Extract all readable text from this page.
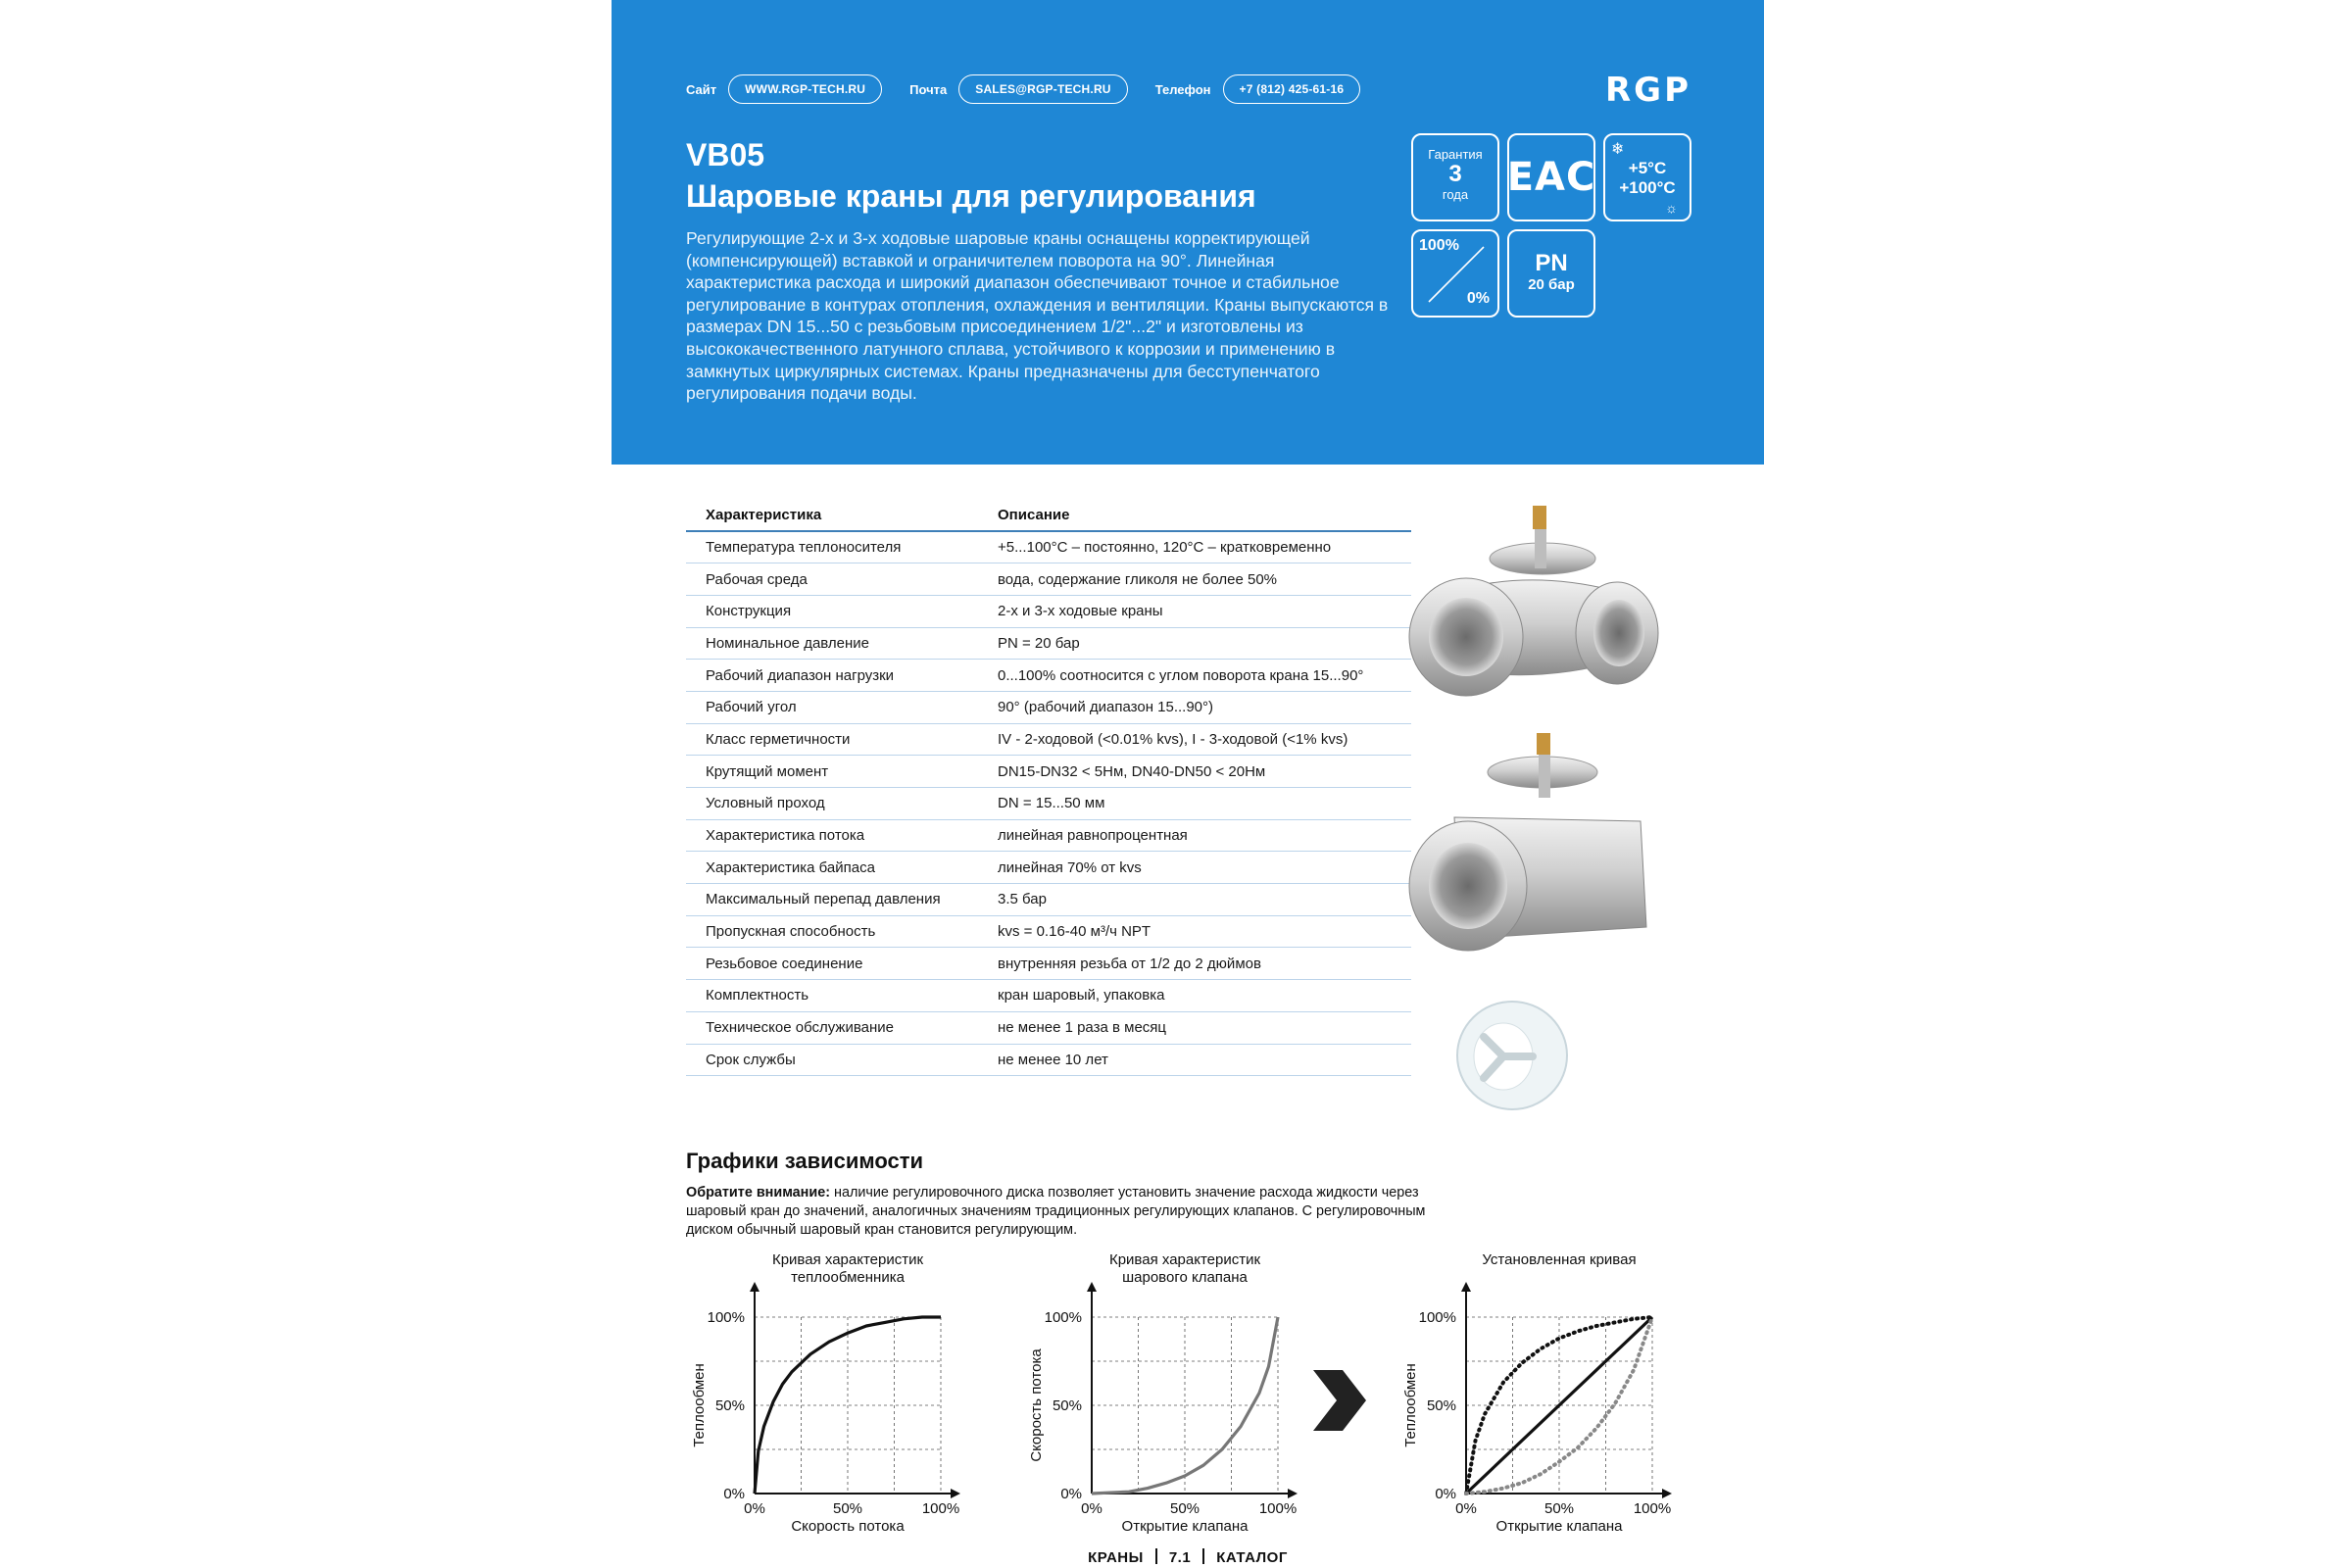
Сайт	WWW.RGP-TECH.RU	Почта	SALES@RGP-TECH.RU	Телефон	+7 (812) 425-61-16	RGP
VB05
Шаровые краны для регулирования
Регулирующие 2-х и 3-х ходовые шаровые краны оснащены корректирующей (компенсирующей) вставкой и ограничителем поворота на 90°. Линейная характеристика расхода и широкий диапазон обеспечивают точное и стабильное регулирование в контурах отопления, охлаждения и вентиляции. Краны выпускаются в размерах DN 15...50 с резьбовым присоединением 1/2"...2" и изготовлены из высококачественного латунного сплава, устойчивого к коррозии и применению в замкнутых циркулярных системах. Краны предназначены для бесступенчатого регулирования подачи воды.
Гарантия
3
года EAC
❄
+5°C
+100°C
☼
100%
0%
PN
20 бар
Характеристика	Описание
Температура теплоносителя	+5...100°С – постоянно, 120°С – кратковременно
Рабочая среда	вода, содержание гликоля не более 50%
Конструкция	2-х и 3-х ходовые краны
Номинальное давление	PN = 20 бар
Рабочий диапазон нагрузки	0...100% соотносится с углом поворота крана 15...90°
Рабочий угол	90° (рабочий диапазон 15...90°)
Класс герметичности	IV - 2-ходовой (<0.01% kvs), I - 3-ходовой (<1% kvs)
Крутящий момент	DN15-DN32 < 5Нм, DN40-DN50 < 20Нм
Условный проход	DN = 15...50 мм
Характеристика потока	линейная равнопроцентная
Характеристика байпаса	линейная 70% от kvs
Максимальный перепад давления	3.5 бар
Пропускная способность	kvs = 0.16-40 м³/ч NPT
Резьбовое соединение	внутренняя резьба от 1/2 до 2 дюймов
Комплектность	кран шаровый, упаковка
Техническое обслуживание	не менее 1 раза в месяц
Срок службы	не менее 10 лет
Графики зависимости
Обратите внимание: наличие регулировочного диска позволяет установить значение расхода жидкости через шаровый кран до значений, аналогичных значениям традиционных регулирующих клапанов. С регулировочным диском обычный шаровый кран становится регулирующим.
Кривая характеристик
теплообменника
0%	50%	100%
0%
50%
100%
Скорость потока
Теплообмен
Кривая характеристик
шарового клапана
0%	50%	100%
0%
50%
100%
Открытие клапана
Скорость потока
Установленная кривая
0%	50%	100%
0%
50%
100%
Открытие клапана
Теплообмен
КРАНЫ 7.1 КАТАЛОГ
